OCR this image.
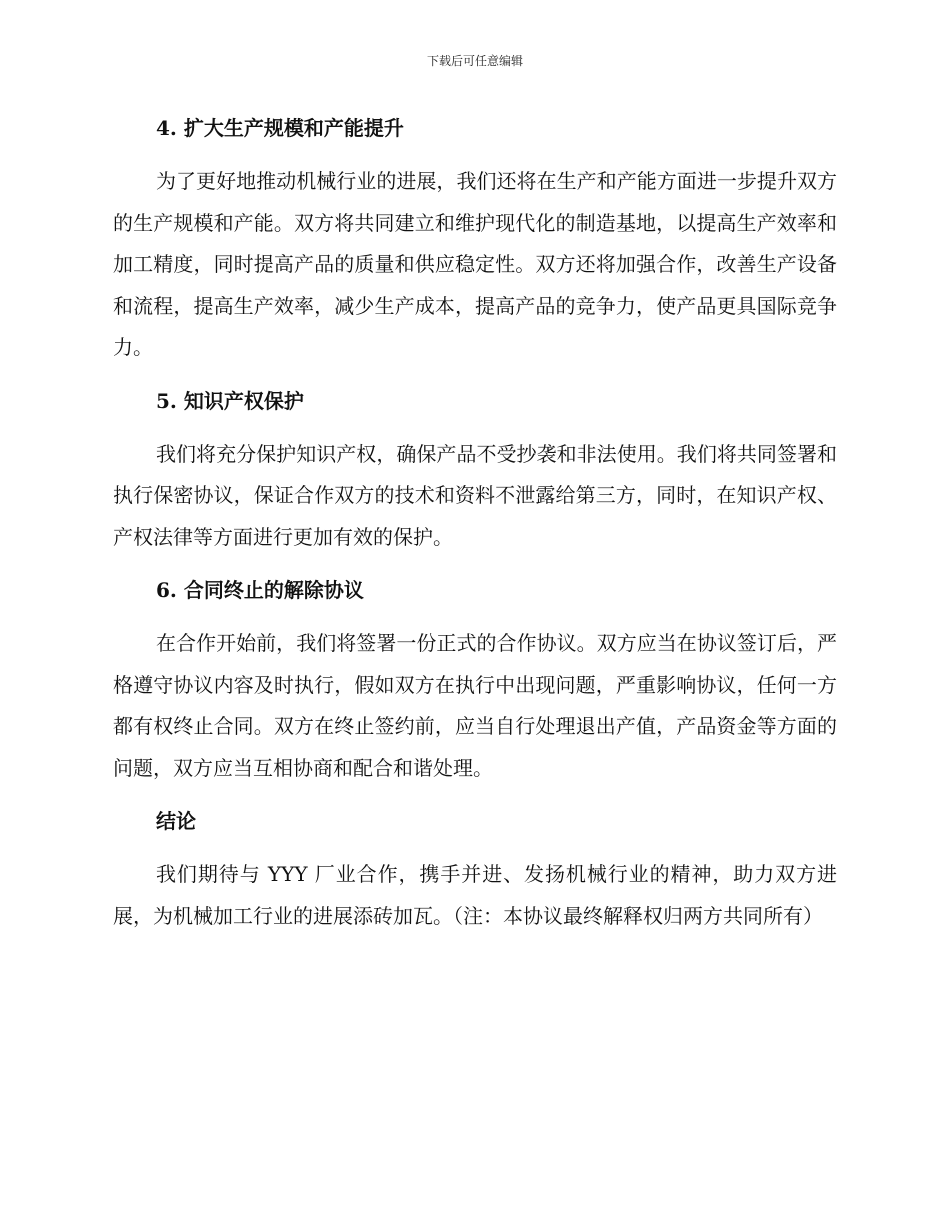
下载后可任意编辑
4. 扩大生产规模和产能提升

为了更好地推动机械行业的进展，我们还将在生产和产能方面进一步提升双方的生产规模和产能。双方将共同建立和维护现代化的制造基地，以提高生产效率和加工精度，同时提高产品的质量和供应稳定性。双方还将加强合作，改善生产设备和流程，提高生产效率，减少生产成本，提高产品的竞争力，使产品更具国际竞争力。

5. 知识产权保护

我们将充分保护知识产权，确保产品不受抄袭和非法使用。我们将共同签署和执行保密协议，保证合作双方的技术和资料不泄露给第三方，同时，在知识产权、产权法律等方面进行更加有效的保护。

6. 合同终止的解除协议

在合作开始前，我们将签署一份正式的合作协议。双方应当在协议签订后，严格遵守协议内容及时执行，假如双方在执行中出现问题，严重影响协议，任何一方都有权终止合同。双方在终止签约前，应当自行处理退出产值，产品资金等方面的问题，双方应当互相协商和配合和谐处理。

结论

我们期待与 YYY 厂业合作，携手并进、发扬机械行业的精神，助力双方进展，为机械加工行业的进展添砖加瓦。（注：本协议最终解释权归两方共同所有）
